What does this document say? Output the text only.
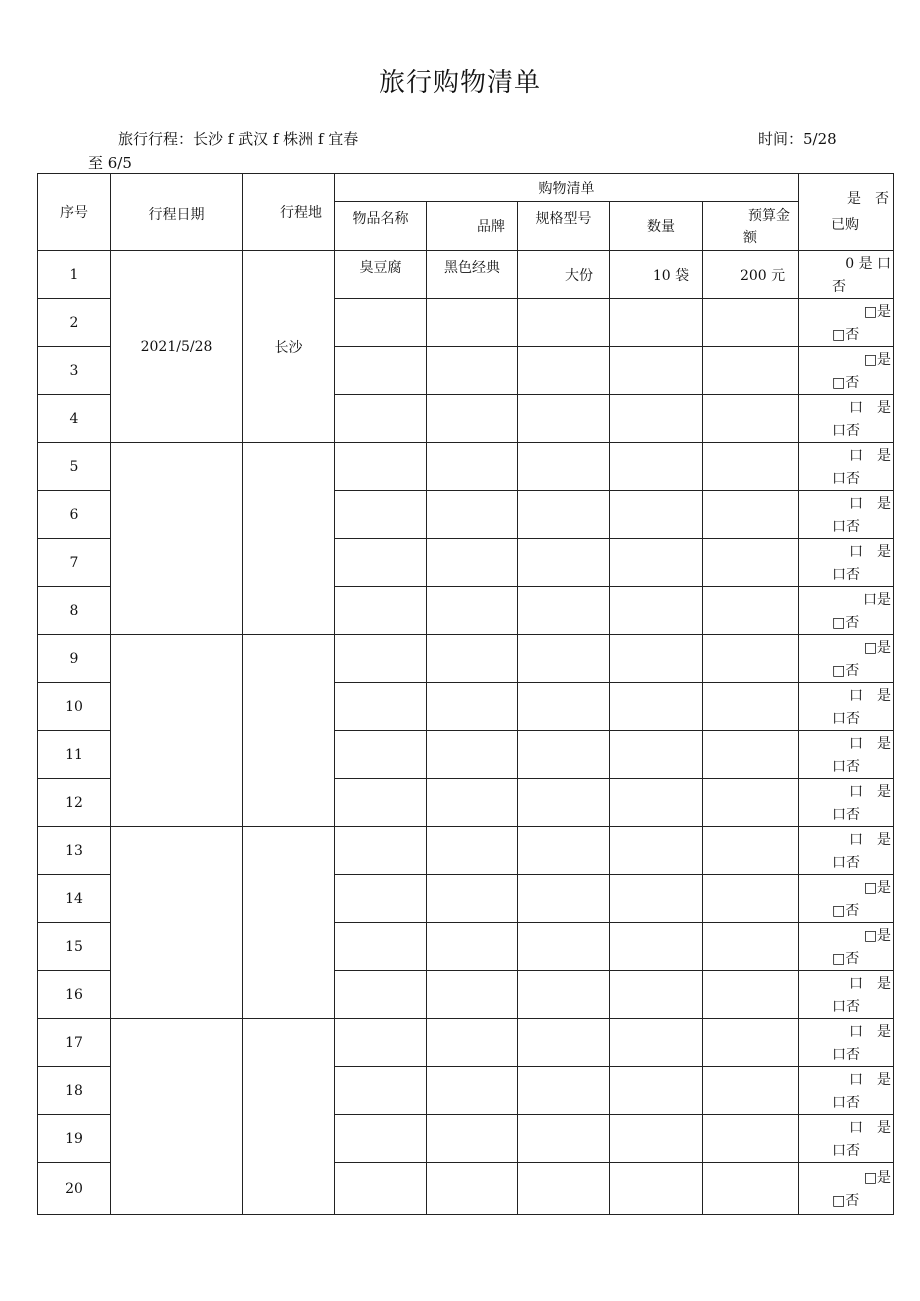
旅行购物清单
旅行行程：长沙 f 武汉 f 株洲 f 宜春	时间：5/28
至 6/5
序号	行程日期	行程地	购物清单					是　否
已购

			物品名称	品牌	规格型号	数量	预算金
额	

1	2021/5/28	长沙	臭豆腐	黑色经典	大份	10 袋	200 元	0 是 口
否

2								□是
□否

3								□是
□否

4								口　是
口否

5								口　是
口否

6								口　是
口否

7								口　是
口否

8								口是
□否

9								□是
□否

10								口　是
口否

11								口　是
口否

12								口　是
口否

13								口　是
口否

14								□是
□否

15								□是
□否

16								口　是
口否

17								口　是
口否

18								口　是
口否

19								口　是
口否

20								□是
□否
